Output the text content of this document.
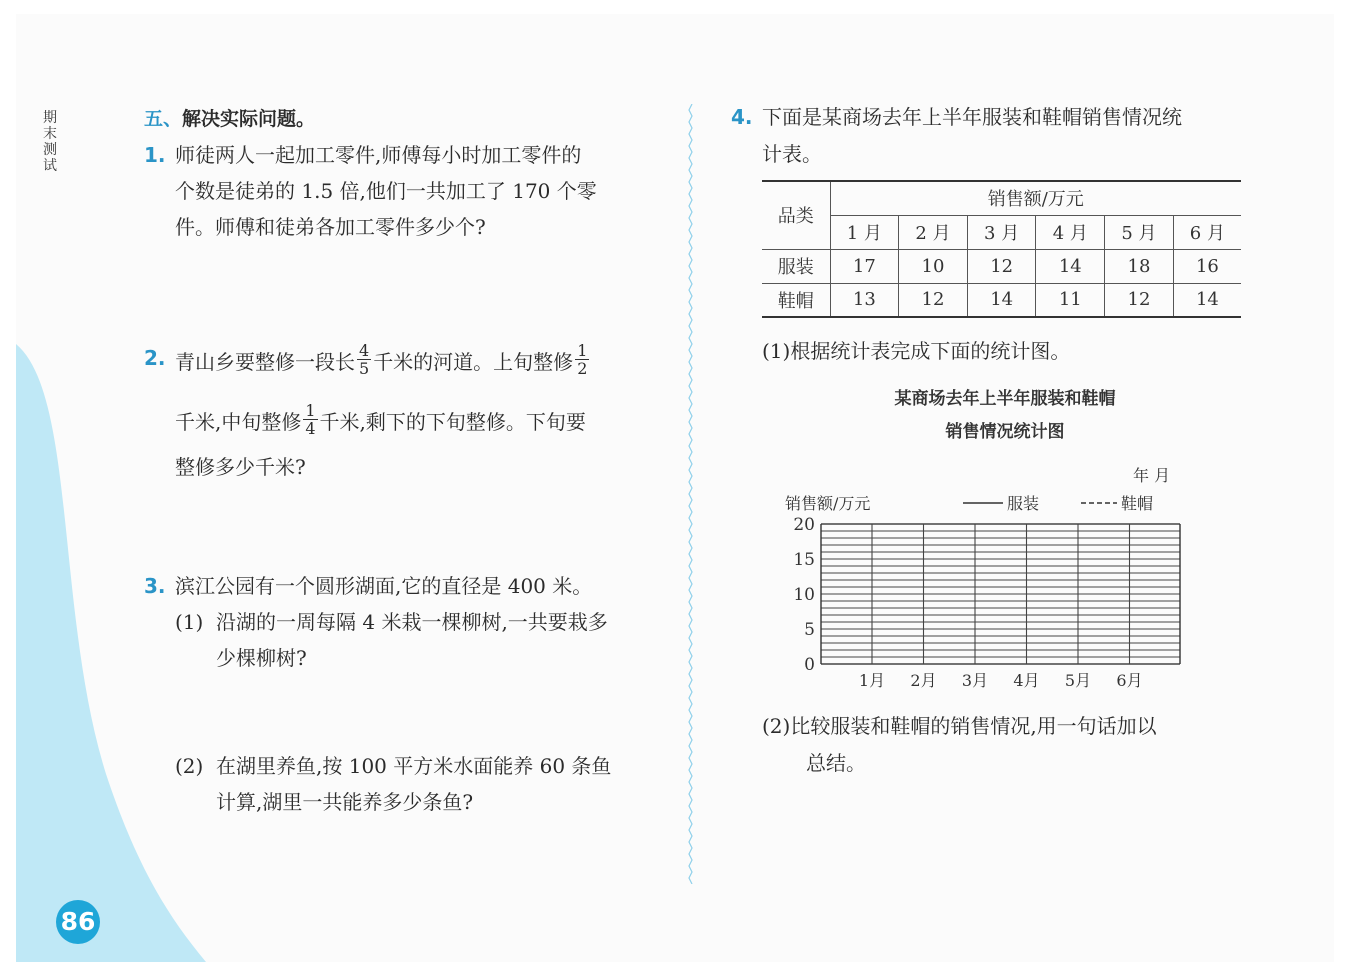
期末测试
86
五、解决实际问题。
1. 师徒两人一起加工零件,师傅每小时加工零件的
个数是徒弟的 1.5 倍,他们一共加工了 170 个零
件。师傅和徒弟各加工零件多少个?
2. 青山乡要整修一段长 $\frac{4}{5}$ 千米的河道。上旬整修 $\frac{1}{2}$
千米,中旬整修 $\frac{1}{4}$ 千米,剩下的下旬整修。下旬要
整修多少千米?
3. 滨江公园有一个圆形湖面,它的直径是 400 米。
(1) 沿湖的一周每隔 4 米栽一棵柳树,一共要栽多
少棵柳树?
(2) 在湖里养鱼,按 100 平方米水面能养 60 条鱼
计算,湖里一共能养多少条鱼?
4. 下面是某商场去年上半年服装和鞋帽销售情况统
计表。
品类	销售额/万元					
	1 月	2 月	3 月	4 月	5 月	6 月
服装	17	10	12	14	18	16
鞋帽	13	12	14	11	12	14
(1)根据统计表完成下面的统计图。
某商场去年上半年服装和鞋帽
销售情况统计图
年 月
销售额/万元	服装	鞋帽
0
5
10
15
20
1月 2月 3月 4月 5月 6月
(2)比较服装和鞋帽的销售情况,用一句话加以
总结。
